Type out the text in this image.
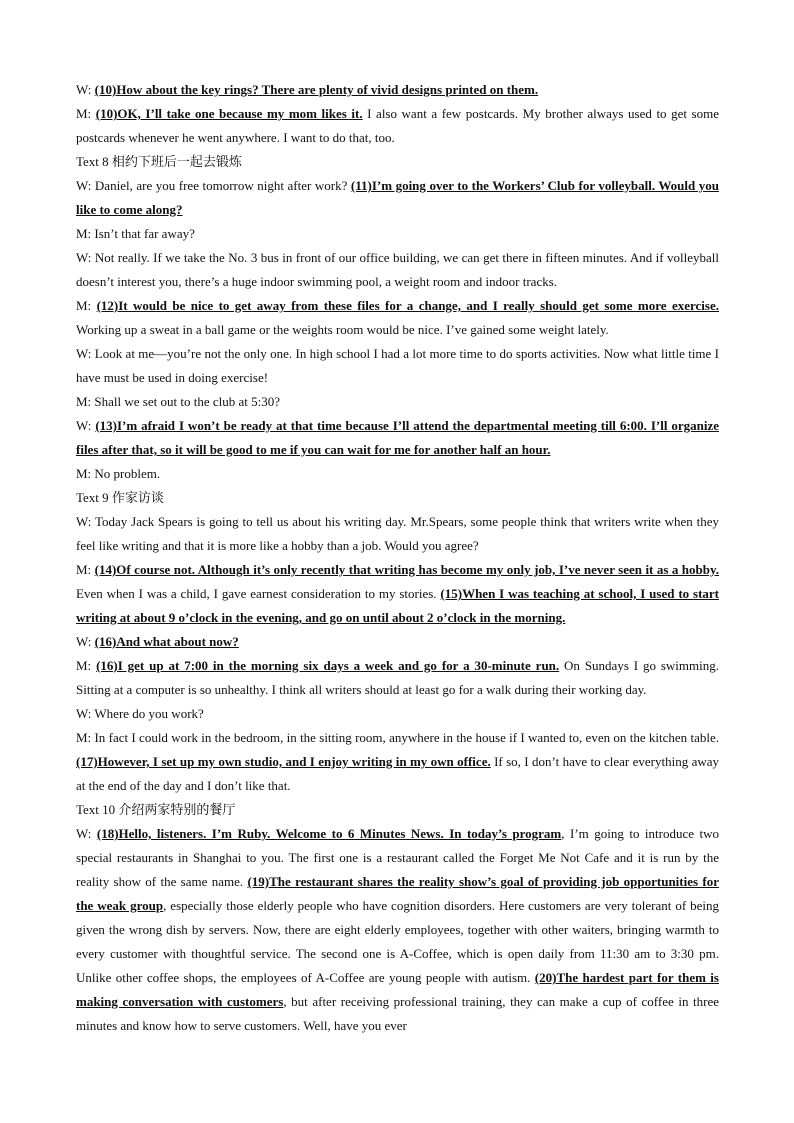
W: (10)How about the key rings? There are plenty of vivid designs printed on them.

M: (10)OK, I’ll take one because my mom likes it. I also want a few postcards. My brother always used to get some postcards whenever he went anywhere. I want to do that, too.

Text 8 相约下班后一起去锻炼

W: Daniel, are you free tomorrow night after work? (11)I’m going over to the Workers’ Club for volleyball. Would you like to come along?

M: Isn’t that far away?

W: Not really. If we take the No. 3 bus in front of our office building, we can get there in fifteen minutes. And if volleyball doesn’t interest you, there’s a huge indoor swimming pool, a weight room and indoor tracks.

M: (12)It would be nice to get away from these files for a change, and I really should get some more exercise. Working up a sweat in a ball game or the weights room would be nice. I’ve gained some weight lately.

W: Look at me—you’re not the only one. In high school I had a lot more time to do sports activities. Now what little time I have must be used in doing exercise!

M: Shall we set out to the club at 5:30?

W: (13)I’m afraid I won’t be ready at that time because I’ll attend the departmental meeting till 6:00. I’ll organize files after that, so it will be good to me if you can wait for me for another half an hour.

M: No problem.

Text 9 作家访谈

W: Today Jack Spears is going to tell us about his writing day. Mr.Spears, some people think that writers write when they feel like writing and that it is more like a hobby than a job. Would you agree?

M: (14)Of course not. Although it’s only recently that writing has become my only job, I’ve never seen it as a hobby. Even when I was a child, I gave earnest consideration to my stories. (15)When I was teaching at school, I used to start writing at about 9 o’clock in the evening, and go on until about 2 o’clock in the morning.

W: (16)And what about now?

M: (16)I get up at 7:00 in the morning six days a week and go for a 30-minute run. On Sundays I go swimming. Sitting at a computer is so unhealthy. I think all writers should at least go for a walk during their working day.

W: Where do you work?

M: In fact I could work in the bedroom, in the sitting room, anywhere in the house if I wanted to, even on the kitchen table. (17)However, I set up my own studio, and I enjoy writing in my own office. If so, I don’t have to clear everything away at the end of the day and I don’t like that.

Text 10 介绍两家特别的餐厅

W: (18)Hello, listeners. I’m Ruby. Welcome to 6 Minutes News. In today’s program, I’m going to introduce two special restaurants in Shanghai to you. The first one is a restaurant called the Forget Me Not Cafe and it is run by the reality show of the same name. (19)The restaurant shares the reality show’s goal of providing job opportunities for the weak group, especially those elderly people who have cognition disorders. Here customers are very tolerant of being given the wrong dish by servers. Now, there are eight elderly employees, together with other waiters, bringing warmth to every customer with thoughtful service. The second one is A-Coffee, which is open daily from 11:30 am to 3:30 pm. Unlike other coffee shops, the employees of A-Coffee are young people with autism. (20)The hardest part for them is making conversation with customers, but after receiving professional training, they can make a cup of coffee in three minutes and know how to serve customers. Well, have you ever
